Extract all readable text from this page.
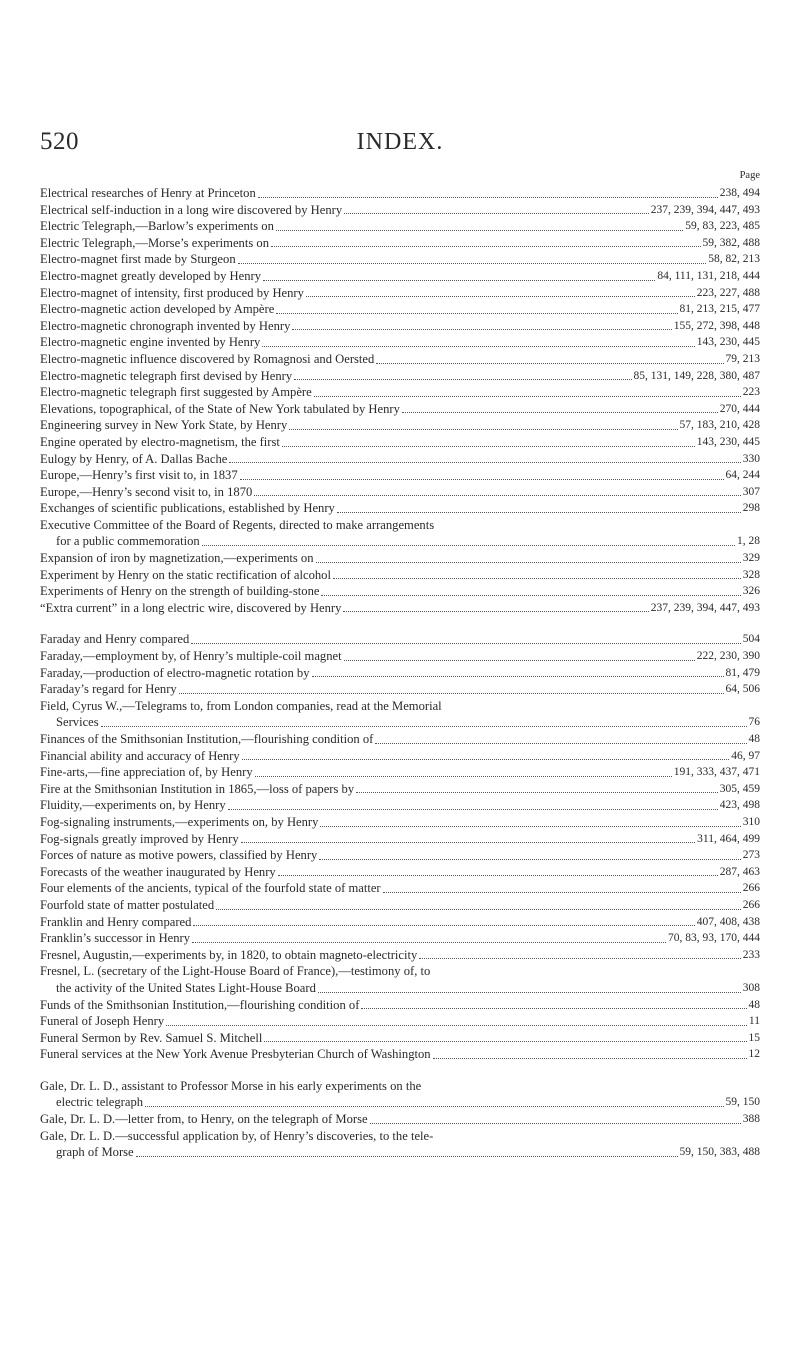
520	INDEX.
Page
Electrical researches of Henry at Princeton	238, 494
Electrical self-induction in a long wire discovered by Henry	237, 239, 394, 447, 493
Electric Telegraph,—Barlow’s experiments on	59, 83, 223, 485
Electric Telegraph,—Morse’s experiments on	59, 382, 488
Electro-magnet first made by Sturgeon	58, 82, 213
Electro-magnet greatly developed by Henry	84, 111, 131, 218, 444
Electro-magnet of intensity, first produced by Henry	223, 227, 488
Electro-magnetic action developed by Ampère	81, 213, 215, 477
Electro-magnetic chronograph invented by Henry	155, 272, 398, 448
Electro-magnetic engine invented by Henry	143, 230, 445
Electro-magnetic influence discovered by Romagnosi and Oersted	79, 213
Electro-magnetic telegraph first devised by Henry	85, 131, 149, 228, 380, 487
Electro-magnetic telegraph first suggested by Ampère	223
Elevations, topographical, of the State of New York tabulated by Henry	270, 444
Engineering survey in New York State, by Henry	57, 183, 210, 428
Engine operated by electro-magnetism, the first	143, 230, 445
Eulogy by Henry, of A. Dallas Bache	330
Europe,—Henry’s first visit to, in 1837	64, 244
Europe,—Henry’s second visit to, in 1870	307
Exchanges of scientific publications, established by Henry	298
Executive Committee of the Board of Regents, directed to make arrangements
for a public commemoration	1, 28
Expansion of iron by magnetization,—experiments on	329
Experiment by Henry on the static rectification of alcohol	328
Experiments of Henry on the strength of building-stone	326
“Extra current” in a long electric wire, discovered by Henry	237, 239, 394, 447, 493
Faraday and Henry compared	504
Faraday,—employment by, of Henry’s multiple-coil magnet	222, 230, 390
Faraday,—production of electro-magnetic rotation by	81, 479
Faraday’s regard for Henry	64, 506
Field, Cyrus W.,—Telegrams to, from London companies, read at the Memorial
Services	76
Finances of the Smithsonian Institution,—flourishing condition of	48
Financial ability and accuracy of Henry	46, 97
Fine-arts,—fine appreciation of, by Henry	191, 333, 437, 471
Fire at the Smithsonian Institution in 1865,—loss of papers by	305, 459
Fluidity,—experiments on, by Henry	423, 498
Fog-signaling instruments,—experiments on, by Henry	310
Fog-signals greatly improved by Henry	311, 464, 499
Forces of nature as motive powers, classified by Henry	273
Forecasts of the weather inaugurated by Henry	287, 463
Four elements of the ancients, typical of the fourfold state of matter	266
Fourfold state of matter postulated	266
Franklin and Henry compared	407, 408, 438
Franklin’s successor in Henry	70, 83, 93, 170, 444
Fresnel, Augustin,—experiments by, in 1820, to obtain magneto-electricity	233
Fresnel, L. (secretary of the Light-House Board of France),—testimony of, to
the activity of the United States Light-House Board	308
Funds of the Smithsonian Institution,—flourishing condition of	48
Funeral of Joseph Henry	11
Funeral Sermon by Rev. Samuel S. Mitchell	15
Funeral services at the New York Avenue Presbyterian Church of Washington	12
Gale, Dr. L. D., assistant to Professor Morse in his early experiments on the
electric telegraph	59, 150
Gale, Dr. L. D.—letter from, to Henry, on the telegraph of Morse	388
Gale, Dr. L. D.—successful application by, of Henry’s discoveries, to the tele-
graph of Morse	59, 150, 383, 488
